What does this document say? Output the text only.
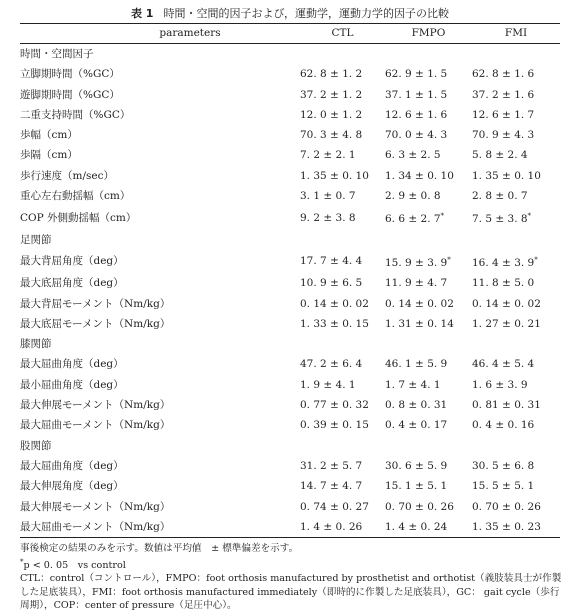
表 1 時間・空間的因子および，運動学，運動力学的因子の比較
parameters	CTL	FMPO	FMI
時間・空間因子			
立脚期時間（%GC）	62. 8 ± 1. 2	62. 9 ± 1. 5	62. 8 ± 1. 6
遊脚期時間（%GC）	37. 2 ± 1. 2	37. 1 ± 1. 5	37. 2 ± 1. 6
二重支持時間（%GC）	12. 0 ± 1. 2	12. 6 ± 1. 6	12. 6 ± 1. 7
歩幅（cm）	70. 3 ± 4. 8	70. 0 ± 4. 3	70. 9 ± 4. 3
歩隔（cm）	7. 2 ± 2. 1	6. 3 ± 2. 5	5. 8 ± 2. 4
歩行速度（m/sec）	1. 35 ± 0. 10	1. 34 ± 0. 10	1. 35 ± 0. 10
重心左右動揺幅（cm）	3. 1 ± 0. 7	2. 9 ± 0. 8	2. 8 ± 0. 7
COP 外側動揺幅（cm）	9. 2 ± 3. 8	6. 6 ± 2. 7*	7. 5 ± 3. 8*
足関節			
最大背屈角度（deg）	17. 7 ± 4. 4	15. 9 ± 3. 9*	16. 4 ± 3. 9*
最大底屈角度（deg）	10. 9 ± 6. 5	11. 9 ± 4. 7	11. 8 ± 5. 0
最大背屈モーメント（Nm/kg）	0. 14 ± 0. 02	0. 14 ± 0. 02	0. 14 ± 0. 02
最大底屈モーメント（Nm/kg）	1. 33 ± 0. 15	1. 31 ± 0. 14	1. 27 ± 0. 21
膝関節			
最大屈曲角度（deg）	47. 2 ± 6. 4	46. 1 ± 5. 9	46. 4 ± 5. 4
最小屈曲角度（deg）	1. 9 ± 4. 1	1. 7 ± 4. 1	1. 6 ± 3. 9
最大伸展モーメント（Nm/kg）	0. 77 ± 0. 32	0. 8 ± 0. 31	0. 81 ± 0. 31
最大屈曲モーメント（Nm/kg）	0. 39 ± 0. 15	0. 4 ± 0. 17	0. 4 ± 0. 16
股関節			
最大屈曲角度（deg）	31. 2 ± 5. 7	30. 6 ± 5. 9	30. 5 ± 6. 8
最大伸展角度（deg）	14. 7 ± 4. 7	15. 1 ± 5. 1	15. 5 ± 5. 1
最大伸展モーメント（Nm/kg）	0. 74 ± 0. 27	0. 70 ± 0. 26	0. 70 ± 0. 26
最大屈曲モーメント（Nm/kg）	1. 4 ± 0. 26	1. 4 ± 0. 24	1. 35 ± 0. 23

事後検定の結果のみを示す。数値は平均値　± 標準偏差を示す。

*p < 0. 05　vs control

CTL：control（コントロール），FMPO：foot orthosis manufactured by prosthetist and orthotist（義肢装具士が作製した足底装具），FMI：foot orthosis manufactured immediately（即時的に作製した足底装具），GC： gait cycle（歩行周期），COP：center of pressure（足圧中心）。
